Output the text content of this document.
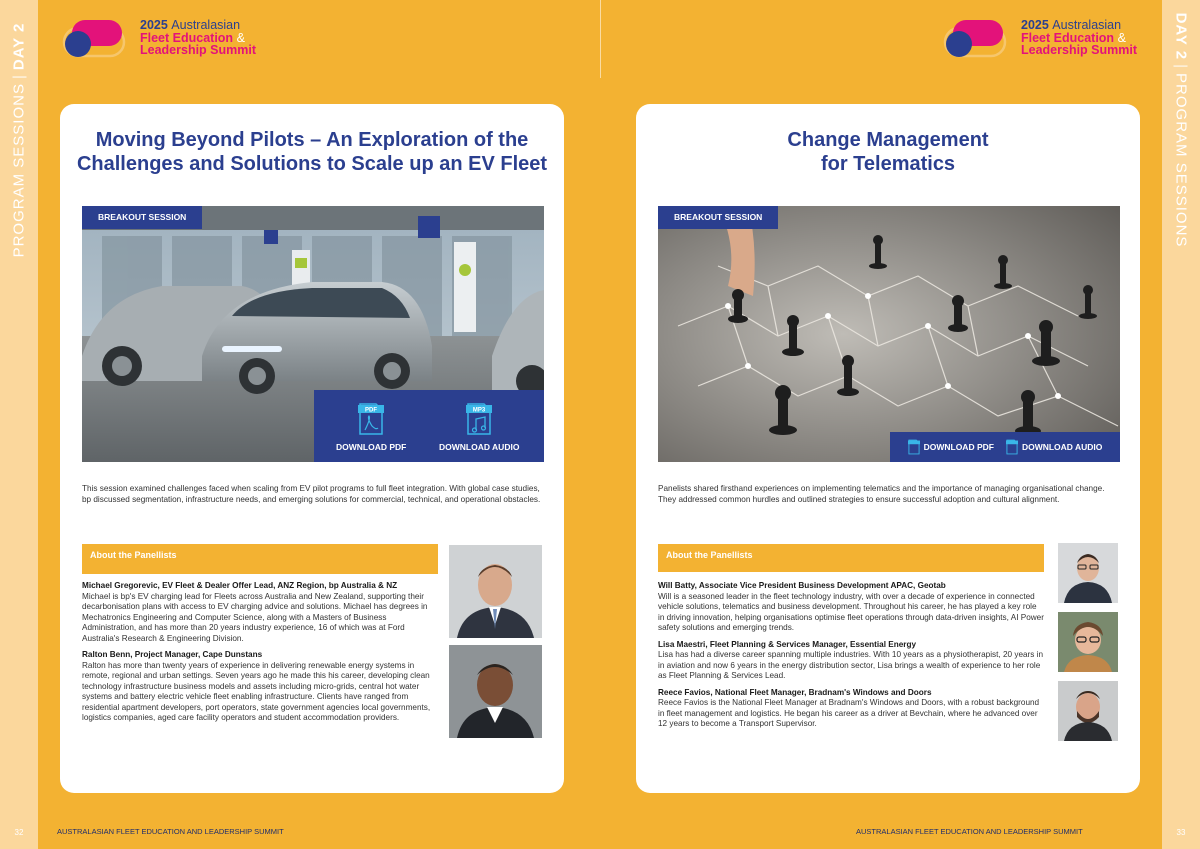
PROGRAM SESSIONS|DAY 2
32
DAY 2|PROGRAM SESSIONS
33
2025 Australasian
Fleet Education &
Leadership Summit
2025 Australasian
Fleet Education &
Leadership Summit
Moving Beyond Pilots – An Exploration of the
Challenges and Solutions to Scale up an EV Fleet
BREAKOUT SESSION
PDF
DOWNLOAD PDF
MP3
DOWNLOAD AUDIO

This session examined challenges faced when scaling from EV pilot programs to full fleet integration. With global case studies, bp discussed segmentation, infrastructure needs, and emerging solutions for commercial, technical, and operational obstacles.

About the Panellists
Michael Gregorevic, EV Fleet & Dealer Offer Lead, ANZ Region, bp Australia & NZ
Michael is bp's EV charging lead for Fleets across Australia and New Zealand, supporting their decarbonisation plans with access to EV charging advice and solutions. Michael has degrees in Mechatronics Engineering and Computer Science, along with a Masters of Business Administration, and has more than 20 years industry experience, 16 of which was at Ford Australia's Research & Engineering Division.
Ralton Benn, Project Manager, Cape Dunstans
Ralton has more than twenty years of experience in delivering renewable energy systems in remote, regional and urban settings. Seven years ago he made this his career, developing clean technology infrastructure business models and assets including micro-grids, central hot water systems and battery electric vehicle fleet enabling infrastructure. Clients have ranged from residential apartment developers, port operators, state government agencies local governments, logistics companies, aged care facility operators and student accommodation providers.
Change Management
for Telematics
BREAKOUT SESSION
DOWNLOAD PDF	DOWNLOAD AUDIO

Panelists shared firsthand experiences on implementing telematics and the importance of managing organisational change. They addressed common hurdles and outlined strategies to ensure successful adoption and cultural alignment.

About the Panellists
Will Batty, Associate Vice President Business Development APAC, Geotab
Will is a seasoned leader in the fleet technology industry, with over a decade of experience in connected vehicle solutions, telematics and business development. Throughout his career, he has played a key role in driving innovation, helping organisations optimise fleet operations through data-driven insights, AI Power safety solutions and emerging trends.
Lisa Maestri, Fleet Planning & Services Manager, Essential Energy
Lisa has had a diverse career spanning multiple industries. With 10 years as a physiotherapist, 20 years in in aviation and now 6 years in the energy distribution sector, Lisa brings a wealth of experience to her role as Fleet Planning & Services Lead.
Reece Favios, National Fleet Manager, Bradnam's Windows and Doors
Reece Favios is the National Fleet Manager at Bradnam's Windows and Doors, with a robust background in fleet management and logistics. He began his career as a driver at Bevchain, where he advanced over 12 years to become a Transport Supervisor.
AUSTRALASIAN FLEET EDUCATION AND LEADERSHIP SUMMIT	AUSTRALASIAN FLEET EDUCATION AND LEADERSHIP SUMMIT
